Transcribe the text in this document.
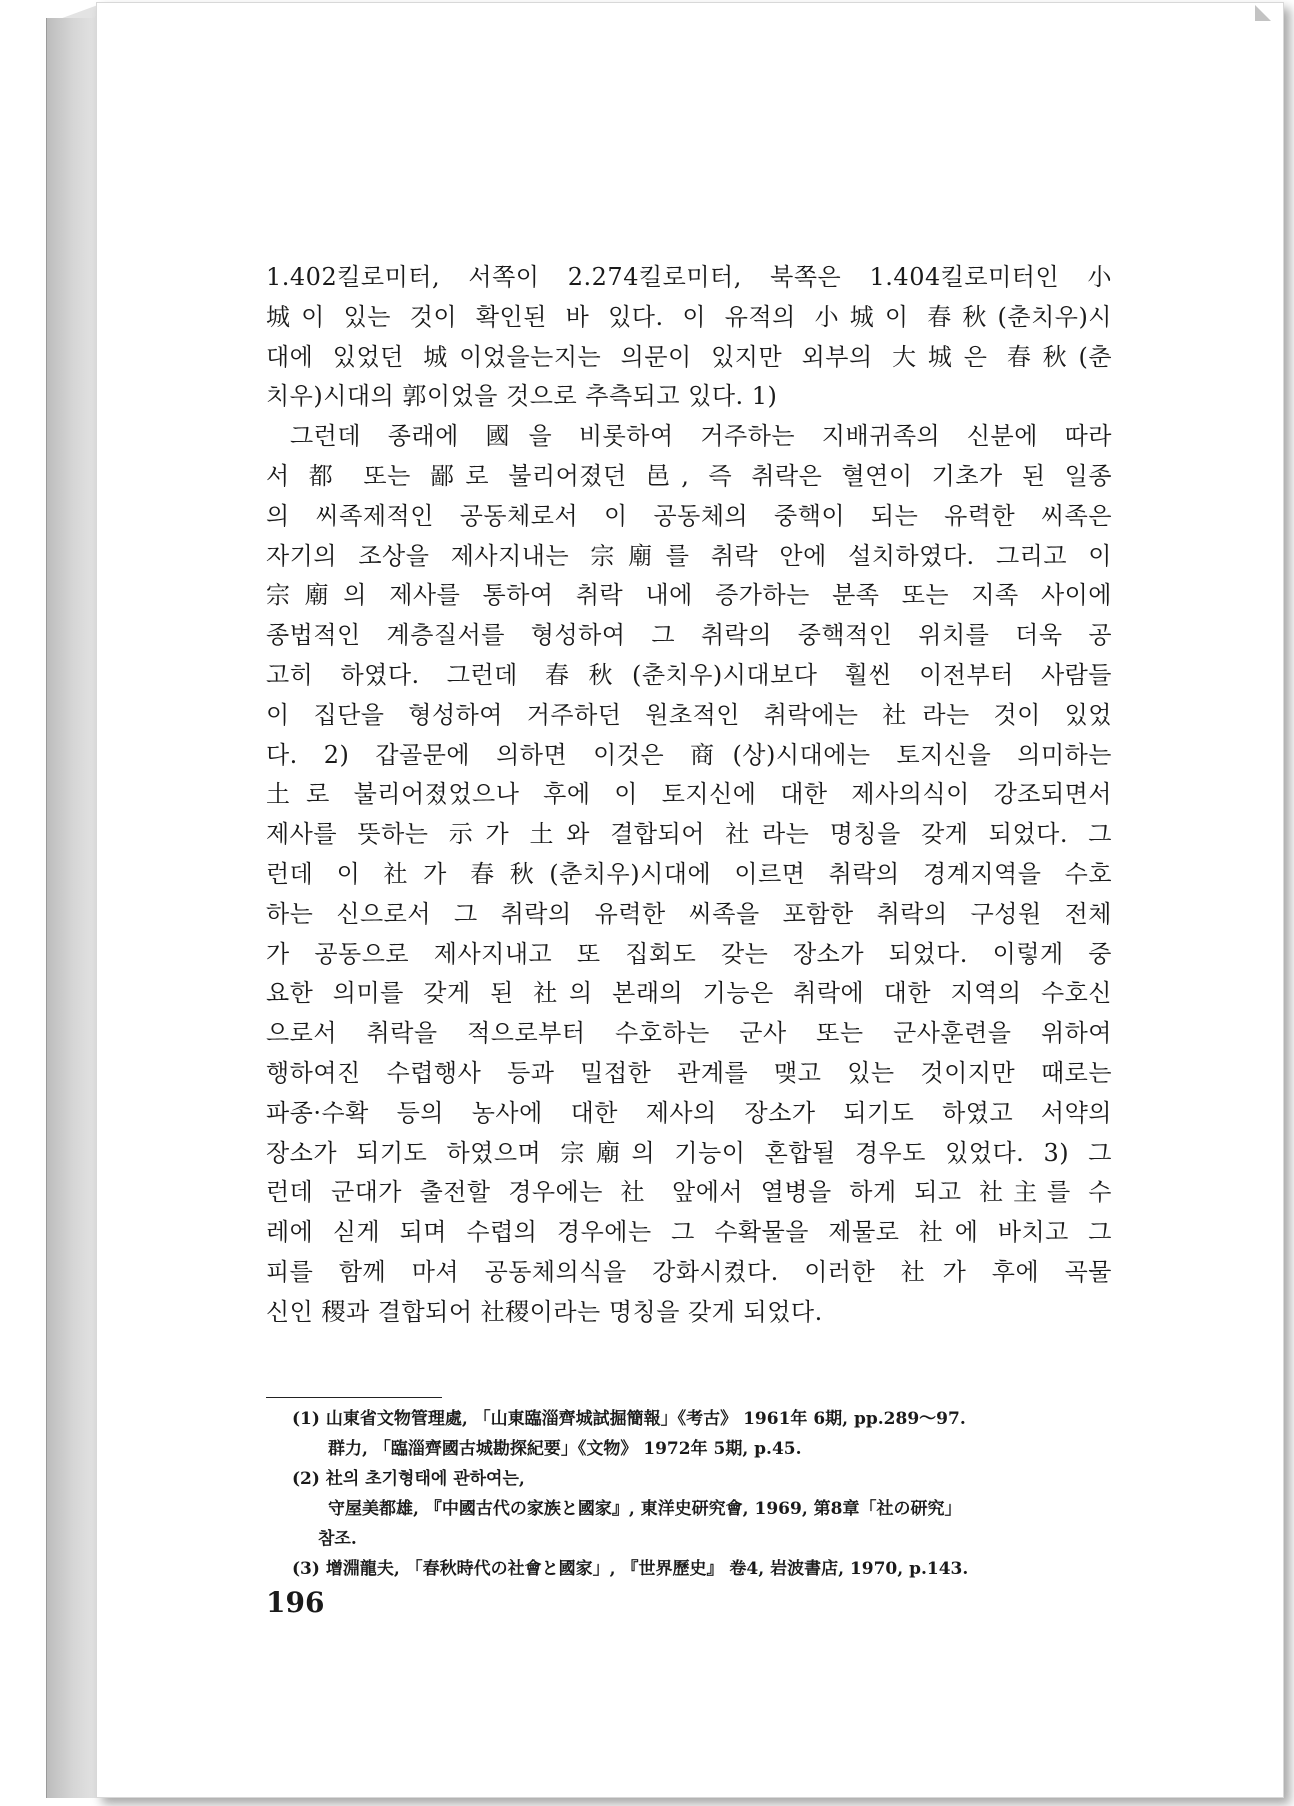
1.402킬로미터, 서쪽이 2.274킬로미터, 북쪽은 1.404킬로미터인 小
城이 있는 것이 확인된 바 있다. 이 유적의 小城이 春秋(춘치우)시
대에 있었던 城이었을는지는 의문이 있지만 외부의 大城은 春秋(춘
치우)시대의 郭이었을 것으로 추측되고 있다. 1)
그런데 종래에 國을 비롯하여 거주하는 지배귀족의 신분에 따라
서 都 또는 鄙로 불리어졌던 邑, 즉 취락은 혈연이 기초가 된 일종
의 씨족제적인 공동체로서 이 공동체의 중핵이 되는 유력한 씨족은
자기의 조상을 제사지내는 宗廟를 취락 안에 설치하였다. 그리고 이
宗廟의 제사를 통하여 취락 내에 증가하는 분족 또는 지족 사이에
종법적인 계층질서를 형성하여 그 취락의 중핵적인 위치를 더욱 공
고히 하였다. 그런데 春秋(춘치우)시대보다 훨씬 이전부터 사람들
이 집단을 형성하여 거주하던 원초적인 취락에는 社라는 것이 있었
다. 2) 갑골문에 의하면 이것은 商(상)시대에는 토지신을 의미하는
土로 불리어졌었으나 후에 이 토지신에 대한 제사의식이 강조되면서
제사를 뜻하는 示가 土와 결합되어 社라는 명칭을 갖게 되었다. 그
런데 이 社가 春秋(춘치우)시대에 이르면 취락의 경계지역을 수호
하는 신으로서 그 취락의 유력한 씨족을 포함한 취락의 구성원 전체
가 공동으로 제사지내고 또 집회도 갖는 장소가 되었다. 이렇게 중
요한 의미를 갖게 된 社의 본래의 기능은 취락에 대한 지역의 수호신
으로서 취락을 적으로부터 수호하는 군사 또는 군사훈련을 위하여
행하여진 수렵행사 등과 밀접한 관계를 맺고 있는 것이지만 때로는
파종·수확 등의 농사에 대한 제사의 장소가 되기도 하였고 서약의
장소가 되기도 하였으며 宗廟의 기능이 혼합될 경우도 있었다. 3) 그
런데 군대가 출전할 경우에는 社 앞에서 열병을 하게 되고 社主를 수
레에 싣게 되며 수렵의 경우에는 그 수확물을 제물로 社에 바치고 그
피를 함께 마셔 공동체의식을 강화시켰다. 이러한 社가 후에 곡물
신인 稷과 결합되어 社稷이라는 명칭을 갖게 되었다.
(1) 山東省文物管理處, 「山東臨淄齊城試掘簡報」《考古》 1961年 6期, pp.289～97.
群力, 「臨淄齊國古城勘探紀要」《文物》 1972年 5期, p.45.
(2) 社의 초기형태에 관하여는,
守屋美都雄, 『中國古代の家族と國家』, 東洋史研究會, 1969, 第8章「社の研究」
참조.
(3) 增淵龍夫, 「春秋時代の社會と國家」, 『世界歷史』 卷4, 岩波書店, 1970, p.143.
196
